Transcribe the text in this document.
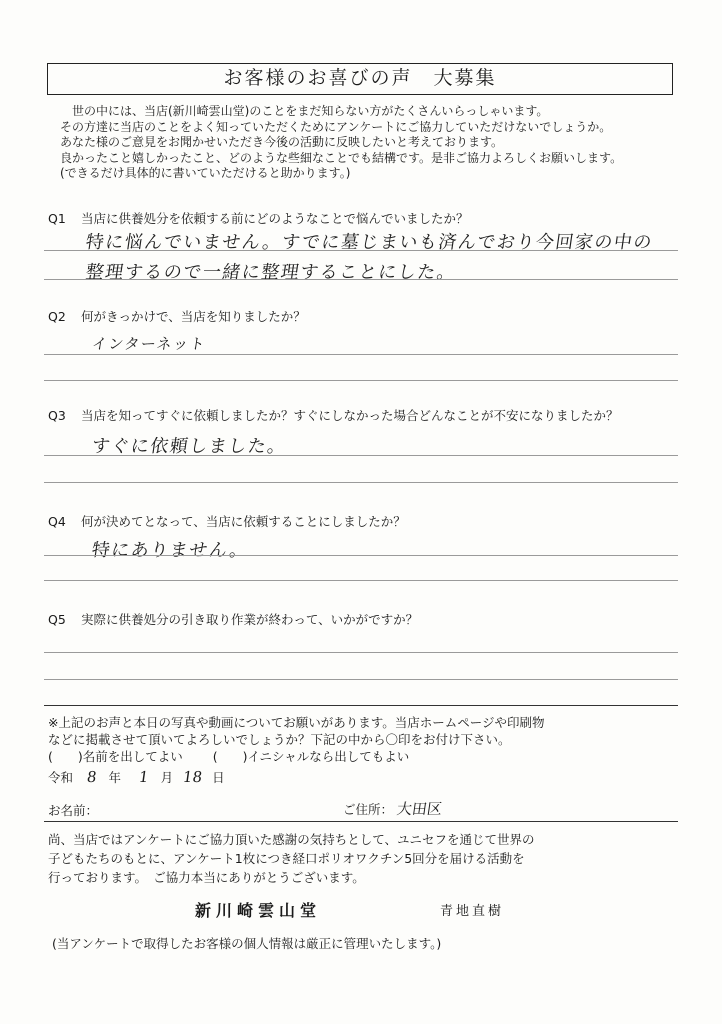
お客様のお喜びの声　大募集
　世の中には、当店(新川崎雲山堂)のことをまだ知らない方がたくさんいらっしゃいます。
その方達に当店のことをよく知っていただくためにアンケートにご協力していただけないでしょうか。
あなた様のご意見をお聞かせいただき今後の活動に反映したいと考えております。
良かったこと嬉しかったこと、どのような些細なことでも結構です。是非ご協力よろしくお願いします。
(できるだけ具体的に書いていただけると助かります。)
Q1 当店に供養処分を依頼する前にどのようなことで悩んでいましたか？
特に悩んでいません。すでに墓じまいも済んでおり今回家の中の
整理するので一緒に整理することにした。
Q2 何がきっかけで、当店を知りましたか？
インターネット
Q3 当店を知ってすぐに依頼しましたか？すぐにしなかった場合どんなことが不安になりましたか？
すぐに依頼しました。
Q4 何が決めてとなって、当店に依頼することにしましたか？
特にありません。
Q5 実際に供養処分の引き取り作業が終わって、いかがですか？
※上記のお声と本日の写真や動画についてお願いがあります。当店ホームページや印刷物
などに掲載させて頂いてよろしいでしょうか？下記の中から〇印をお付け下さい。
(　　)名前を出してよい (　　)イニシャルなら出してもよい
令和 8 年 1 月 18 日
お名前：	ご住所： 大田区
尚、当店ではアンケートにご協力頂いた感謝の気持ちとして、ユニセフを通じて世界の
子どもたちのもとに、アンケート1枚につき経口ポリオワクチン5回分を届ける活動を
行っております。　ご協力本当にありがとうございます。
新川崎雲山堂	青地直樹
(当アンケートで取得したお客様の個人情報は厳正に管理いたします。)
